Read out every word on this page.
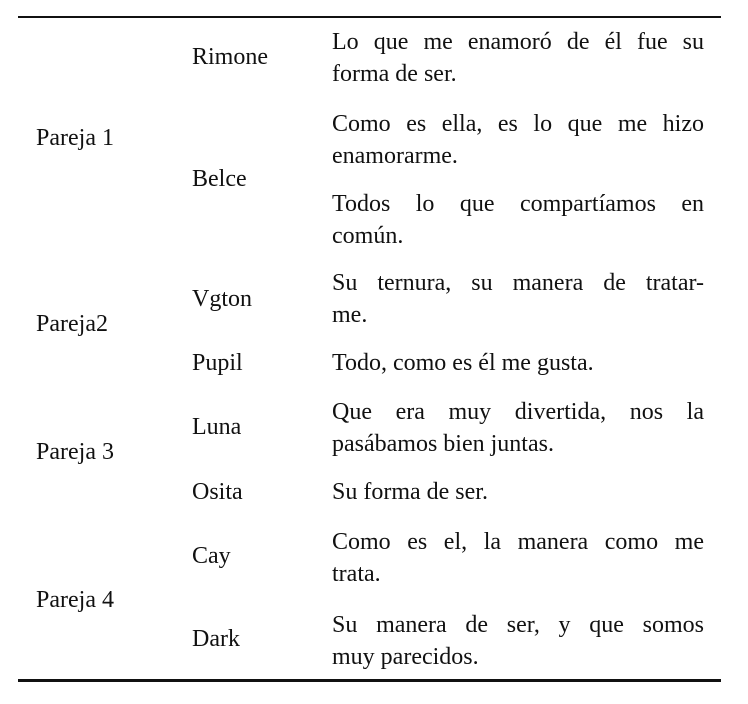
Pareja 1
Rimone
Lo que me enamoró de él fue su
forma de ser.
Belce
Como es ella, es lo que me hizo
enamorarme.
Todos lo que compartíamos en
común.
Pareja2
Vgton
Su ternura, su manera de tratar-
me.
Pupil	Todo, como es él me gusta.
Pareja 3
Luna
Que era muy divertida, nos la
pasábamos bien juntas.
Osita	Su forma de ser.
Pareja 4
Cay
Como es el, la manera como me
trata.
Dark
Su manera de ser, y que somos
muy parecidos.
